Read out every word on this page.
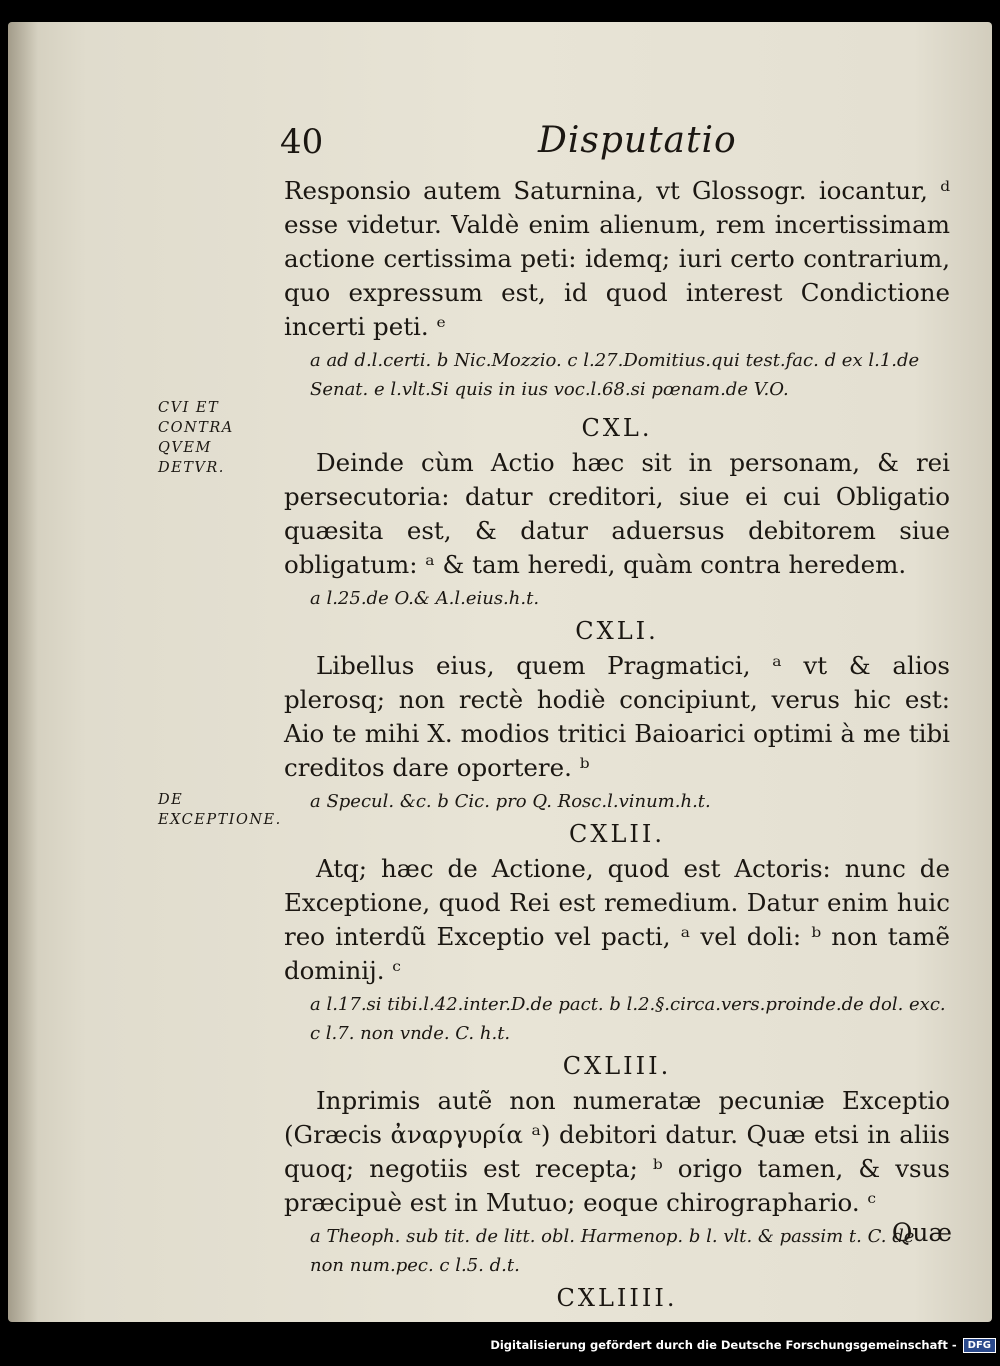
40	Disputatio
CVI ET CONTRA QVEM DETVR.
DE EXCEPTIONE.

Responsio autem Saturnina, vt Glossogr. iocantur, ᵈ esse videtur. Valdè enim alienum, rem incertissimam actione certissima peti: idemq; iuri certo contrarium, quo expressum est, id quod interest Condictione incerti peti. ᵉ

a ad d.l.certi. b Nic.Mozzio. c l.27.Domitius.qui test.fac. d ex l.1.de Senat. e l.vlt.Si quis in ius voc.l.68.si pœnam.de V.O.

CXL.

Deinde cùm Actio hæc sit in personam, & rei persecutoria: datur creditori, siue ei cui Obligatio quæsita est, & datur aduersus debitorem siue obligatum: ᵃ & tam heredi, quàm contra heredem.

a l.25.de O.& A.l.eius.h.t.

CXLI.

Libellus eius, quem Pragmatici, ᵃ vt & alios plerosq; non rectè hodiè concipiunt, verus hic est: Aio te mihi X. modios tritici Baioarici optimi à me tibi creditos dare oportere. ᵇ

a Specul. &c. b Cic. pro Q. Rosc.l.vinum.h.t.

CXLII.

Atq; hæc de Actione, quod est Actoris: nunc de Exceptione, quod Rei est remedium. Datur enim huic reo interdũ Exceptio vel pacti, ᵃ vel doli: ᵇ non tamẽ dominij. ᶜ

a l.17.si tibi.l.42.inter.D.de pact. b l.2.§.circa.vers.proinde.de dol. exc. c l.7. non vnde. C. h.t.

CXLIII.

Inprimis autẽ non numeratæ pecuniæ Exceptio (Græcis ἀναργυρία ᵃ) debitori datur. Quæ etsi in aliis quoq; negotiis est recepta; ᵇ origo tamen, & vsus præcipuè est in Mutuo; eoque chirographario. ᶜ

a Theoph. sub tit. de litt. obl. Harmenop. b l. vlt. & passim t. C. de non num.pec. c l.5. d.t.

CXLIIII.

Quæ
Digitalisierung gefördert durch die Deutsche Forschungsgemeinschaft -	DFG
